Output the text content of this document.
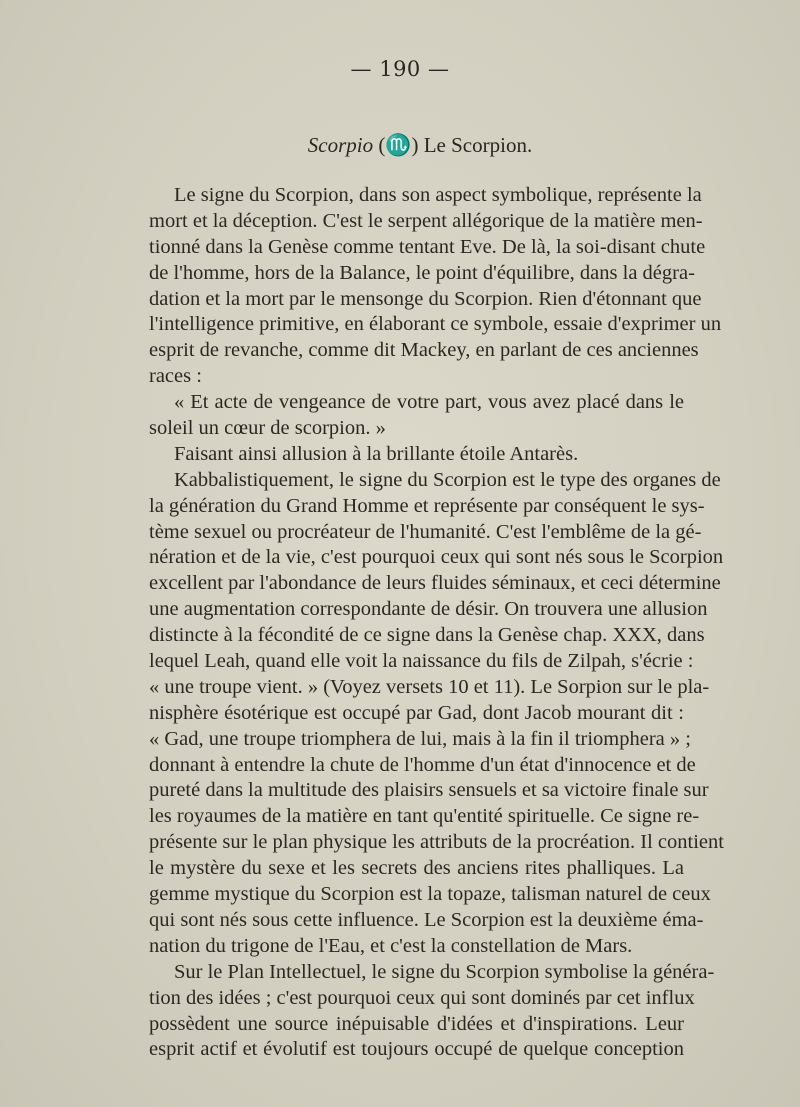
— 190 —
Scorpio (♏) Le Scorpion.
Le signe du Scorpion, dans son aspect symbolique, représente la
mort et la déception. C'est le serpent allégorique de la matière men-
tionné dans la Genèse comme tentant Eve. De là, la soi-disant chute
de l'homme, hors de la Balance, le point d'équilibre, dans la dégra-
dation et la mort par le mensonge du Scorpion. Rien d'étonnant que
l'intelligence primitive, en élaborant ce symbole, essaie d'exprimer un
esprit de revanche, comme dit Mackey, en parlant de ces anciennes
races :
« Et acte de vengeance de votre part, vous avez placé dans le
soleil un cœur de scorpion. »
Faisant ainsi allusion à la brillante étoile Antarès.
Kabbalistiquement, le signe du Scorpion est le type des organes de
la génération du Grand Homme et représente par conséquent le sys-
tème sexuel ou procréateur de l'humanité. C'est l'emblême de la gé-
nération et de la vie, c'est pourquoi ceux qui sont nés sous le Scorpion
excellent par l'abondance de leurs fluides séminaux, et ceci détermine
une augmentation correspondante de désir. On trouvera une allusion
distincte à la fécondité de ce signe dans la Genèse chap. XXX, dans
lequel Leah, quand elle voit la naissance du fils de Zilpah, s'écrie :
« une troupe vient. » (Voyez versets 10 et 11). Le Sorpion sur le pla-
nisphère ésotérique est occupé par Gad, dont Jacob mourant dit :
« Gad, une troupe triomphera de lui, mais à la fin il triomphera » ;
donnant à entendre la chute de l'homme d'un état d'innocence et de
pureté dans la multitude des plaisirs sensuels et sa victoire finale sur
les royaumes de la matière en tant qu'entité spirituelle. Ce signe re-
présente sur le plan physique les attributs de la procréation. Il contient
le mystère du sexe et les secrets des anciens rites phalliques. La
gemme mystique du Scorpion est la topaze, talisman naturel de ceux
qui sont nés sous cette influence. Le Scorpion est la deuxième éma-
nation du trigone de l'Eau, et c'est la constellation de Mars.
Sur le Plan Intellectuel, le signe du Scorpion symbolise la généra-
tion des idées ; c'est pourquoi ceux qui sont dominés par cet influx
possèdent une source inépuisable d'idées et d'inspirations. Leur
esprit actif et évolutif est toujours occupé de quelque conception
